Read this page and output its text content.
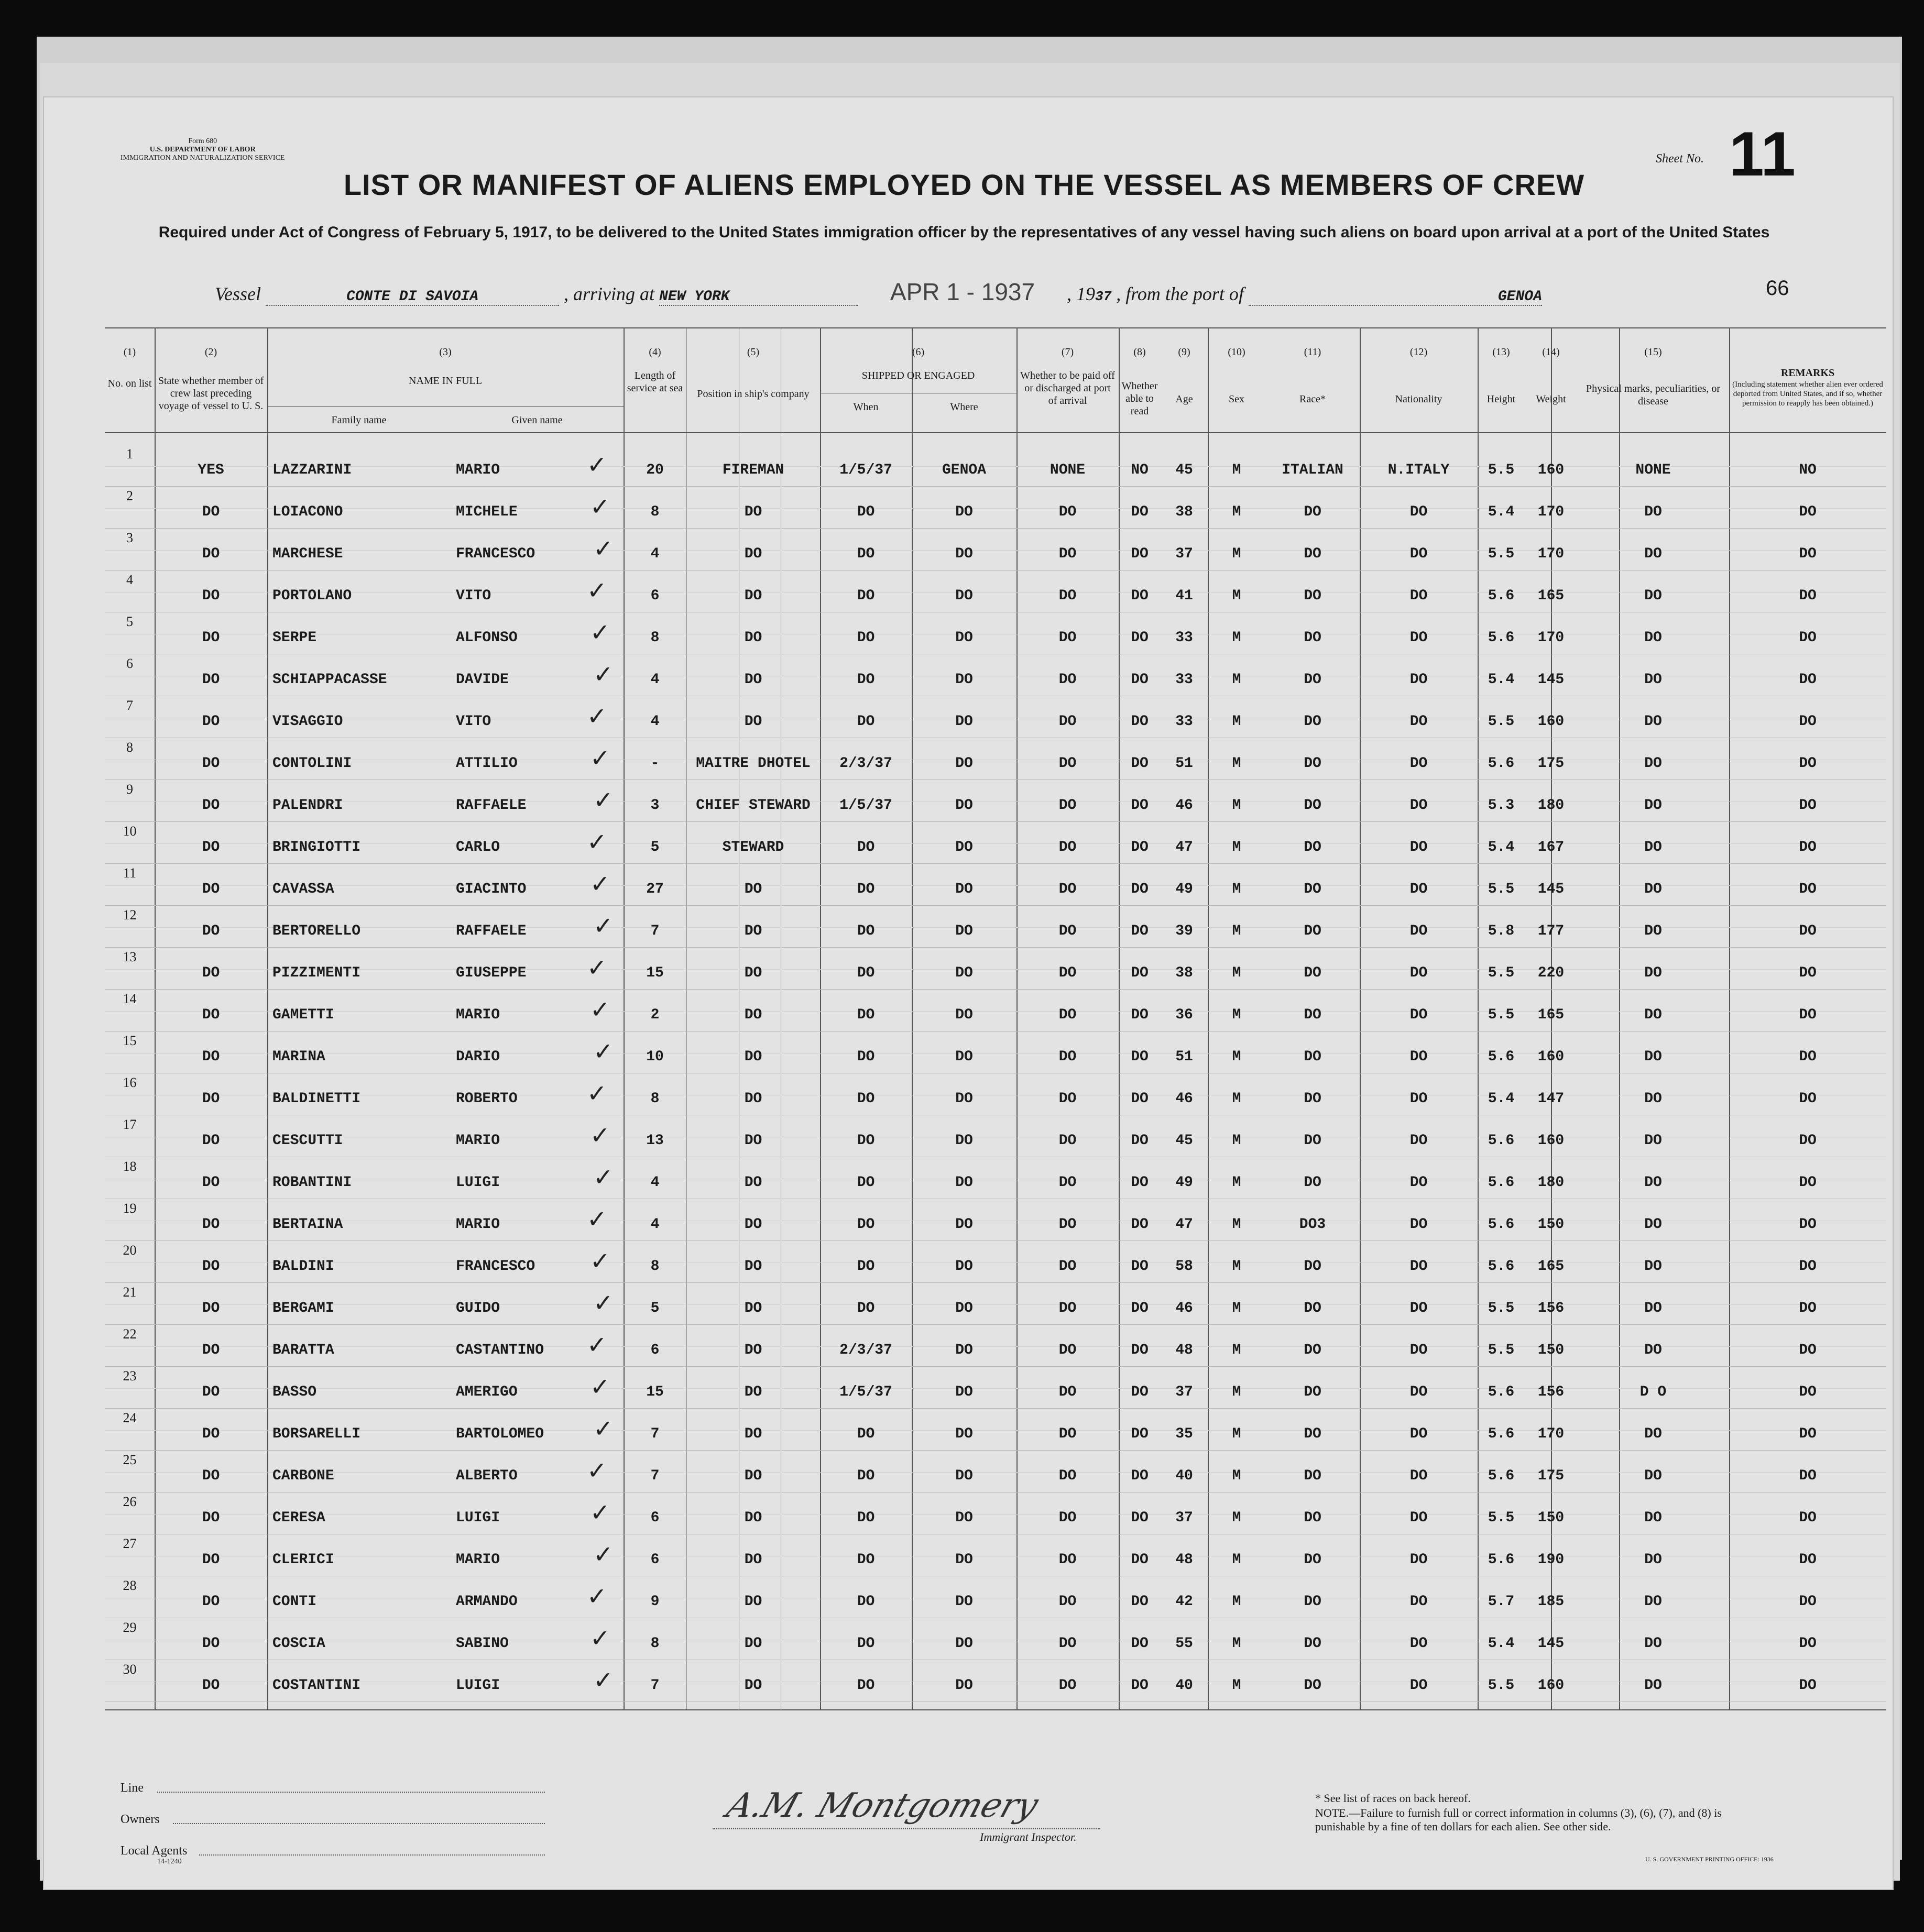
Form 680
U.S. DEPARTMENT OF LABOR
IMMIGRATION AND NATURALIZATION SERVICE	Sheet No. 11
66
LIST OR MANIFEST OF ALIENS EMPLOYED ON THE VESSEL AS MEMBERS OF CREW
Required under Act of Congress of February 5, 1917, to be delivered to the United States immigration officer by the representatives of any vessel having such aliens on board upon arrival at a port of the United States
Vessel	CONTE DI SAVOIA	, arriving at NEW YORK	APR 1 - 1937 , 1937 , from the port of	GENOA
(1)
No. on list
(2)
State whether member of crew last preceding voyage of vessel to U. S.
(3)
NAME IN FULL
Family name	Given name
(4)
Length of service at sea
(5)
Position in ship's company
(6)
SHIPPED OR ENGAGED
When	Where
(7)
Whether to be paid off or discharged at port of arrival
(8)
Whether able to read
(9)
Age
(10)
Sex
(11)
Race*
(12)
Nationality
(13)
Height
(14)
Weight
(15)
Physical marks, peculiarities, or disease
REMARKS
(Including statement whether alien ever ordered deported from United States, and if so, whether permission to reapply has been obtained.)
1
YES	LAZZARINI	MARIO	20	FIREMAN	1/5/37	GENOA	NONE	NO	45	M	ITALIAN	N.ITALY	5.5	160	NONE	NO
✓
2
DO	LOIACONO	MICHELE	8	DO	DO	DO	DO	DO	38	M	DO	DO	5.4	170	DO	DO
✓
3
DO	MARCHESE	FRANCESCO	4	DO	DO	DO	DO	DO	37	M	DO	DO	5.5	170	DO	DO
✓
4
DO	PORTOLANO	VITO	6	DO	DO	DO	DO	DO	41	M	DO	DO	5.6	165	DO	DO
✓
5
DO	SERPE	ALFONSO	8	DO	DO	DO	DO	DO	33	M	DO	DO	5.6	170	DO	DO
✓
6
DO	SCHIAPPACASSE	DAVIDE	4	DO	DO	DO	DO	DO	33	M	DO	DO	5.4	145	DO	DO
✓
7
DO	VISAGGIO	VITO	4	DO	DO	DO	DO	DO	33	M	DO	DO	5.5	160	DO	DO
✓
8
DO	CONTOLINI	ATTILIO	-	MAITRE DHOTEL	2/3/37	DO	DO	DO	51	M	DO	DO	5.6	175	DO	DO
✓
9
DO	PALENDRI	RAFFAELE	3	CHIEF STEWARD	1/5/37	DO	DO	DO	46	M	DO	DO	5.3	180	DO	DO
✓
10
DO	BRINGIOTTI	CARLO	5	STEWARD	DO	DO	DO	DO	47	M	DO	DO	5.4	167	DO	DO
✓
11
DO	CAVASSA	GIACINTO	27	DO	DO	DO	DO	DO	49	M	DO	DO	5.5	145	DO	DO
✓
12
DO	BERTORELLO	RAFFAELE	7	DO	DO	DO	DO	DO	39	M	DO	DO	5.8	177	DO	DO
✓
13
DO	PIZZIMENTI	GIUSEPPE	15	DO	DO	DO	DO	DO	38	M	DO	DO	5.5	220	DO	DO
✓
14
DO	GAMETTI	MARIO	2	DO	DO	DO	DO	DO	36	M	DO	DO	5.5	165	DO	DO
✓
15
DO	MARINA	DARIO	10	DO	DO	DO	DO	DO	51	M	DO	DO	5.6	160	DO	DO
✓
16
DO	BALDINETTI	ROBERTO	8	DO	DO	DO	DO	DO	46	M	DO	DO	5.4	147	DO	DO
✓
17
DO	CESCUTTI	MARIO	13	DO	DO	DO	DO	DO	45	M	DO	DO	5.6	160	DO	DO
✓
18
DO	ROBANTINI	LUIGI	4	DO	DO	DO	DO	DO	49	M	DO	DO	5.6	180	DO	DO
✓
19
DO	BERTAINA	MARIO	4	DO	DO	DO	DO	DO	47	M	DO3	DO	5.6	150	DO	DO
✓
20
DO	BALDINI	FRANCESCO	8	DO	DO	DO	DO	DO	58	M	DO	DO	5.6	165	DO	DO
✓
21
DO	BERGAMI	GUIDO	5	DO	DO	DO	DO	DO	46	M	DO	DO	5.5	156	DO	DO
✓
22
DO	BARATTA	CASTANTINO	6	DO	2/3/37	DO	DO	DO	48	M	DO	DO	5.5	150	DO	DO
✓
23
DO	BASSO	AMERIGO	15	DO	1/5/37	DO	DO	DO	37	M	DO	DO	5.6	156	D O	DO
✓
24
DO	BORSARELLI	BARTOLOMEO	7	DO	DO	DO	DO	DO	35	M	DO	DO	5.6	170	DO	DO
✓
25
DO	CARBONE	ALBERTO	7	DO	DO	DO	DO	DO	40	M	DO	DO	5.6	175	DO	DO
✓
26
DO	CERESA	LUIGI	6	DO	DO	DO	DO	DO	37	M	DO	DO	5.5	150	DO	DO
✓
27
DO	CLERICI	MARIO	6	DO	DO	DO	DO	DO	48	M	DO	DO	5.6	190	DO	DO
✓
28
DO	CONTI	ARMANDO	9	DO	DO	DO	DO	DO	42	M	DO	DO	5.7	185	DO	DO
✓
29
DO	COSCIA	SABINO	8	DO	DO	DO	DO	DO	55	M	DO	DO	5.4	145	DO	DO
✓
30
DO	COSTANTINI	LUIGI	7	DO	DO	DO	DO	DO	40	M	DO	DO	5.5	160	DO	DO
✓
Line
Owners
Local Agents
14-1240
A.M. Montgomery
Immigrant Inspector.
* See list of races on back hereof.
NOTE.—Failure to furnish full or correct information in columns (3), (6), (7), and (8) is punishable by a fine of ten dollars for each alien. See other side.
U. S. GOVERNMENT PRINTING OFFICE: 1936
